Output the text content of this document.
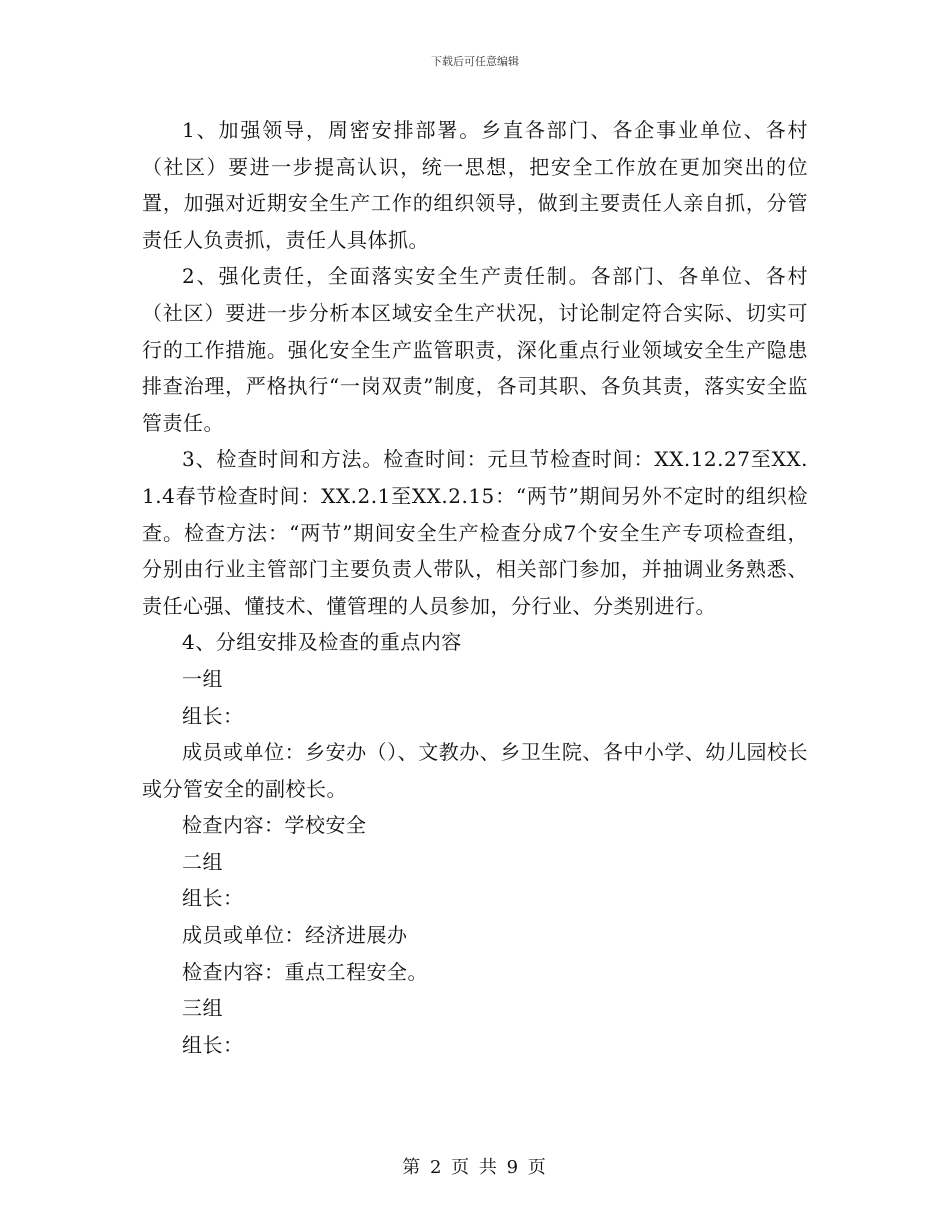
下载后可任意编辑

1、加强领导，周密安排部署。乡直各部门、各企事业单位、各村（社区）要进一步提高认识，统一思想，把安全工作放在更加突出的位置，加强对近期安全生产工作的组织领导，做到主要责任人亲自抓，分管责任人负责抓，责任人具体抓。

2、强化责任，全面落实安全生产责任制。各部门、各单位、各村（社区）要进一步分析本区域安全生产状况，讨论制定符合实际、切实可行的工作措施。强化安全生产监管职责，深化重点行业领域安全生产隐患排查治理，严格执行“一岗双责”制度，各司其职、各负其责，落实安全监管责任。

3、检查时间和方法。检查时间：元旦节检查时间：XX.12.27至XX.1.4春节检查时间：XX.2.1至XX.2.15：“两节”期间另外不定时的组织检查。检查方法：“两节”期间安全生产检查分成7个安全生产专项检查组，分别由行业主管部门主要负责人带队，相关部门参加，并抽调业务熟悉、责任心强、懂技术、懂管理的人员参加，分行业、分类别进行。

4、分组安排及检查的重点内容

一组

组长：

成员或单位：乡安办（）、文教办、乡卫生院、各中小学、幼儿园校长或分管安全的副校长。

检查内容：学校安全

二组

组长：

成员或单位：经济进展办

检查内容：重点工程安全。

三组

组长：

第 2 页 共 9 页
